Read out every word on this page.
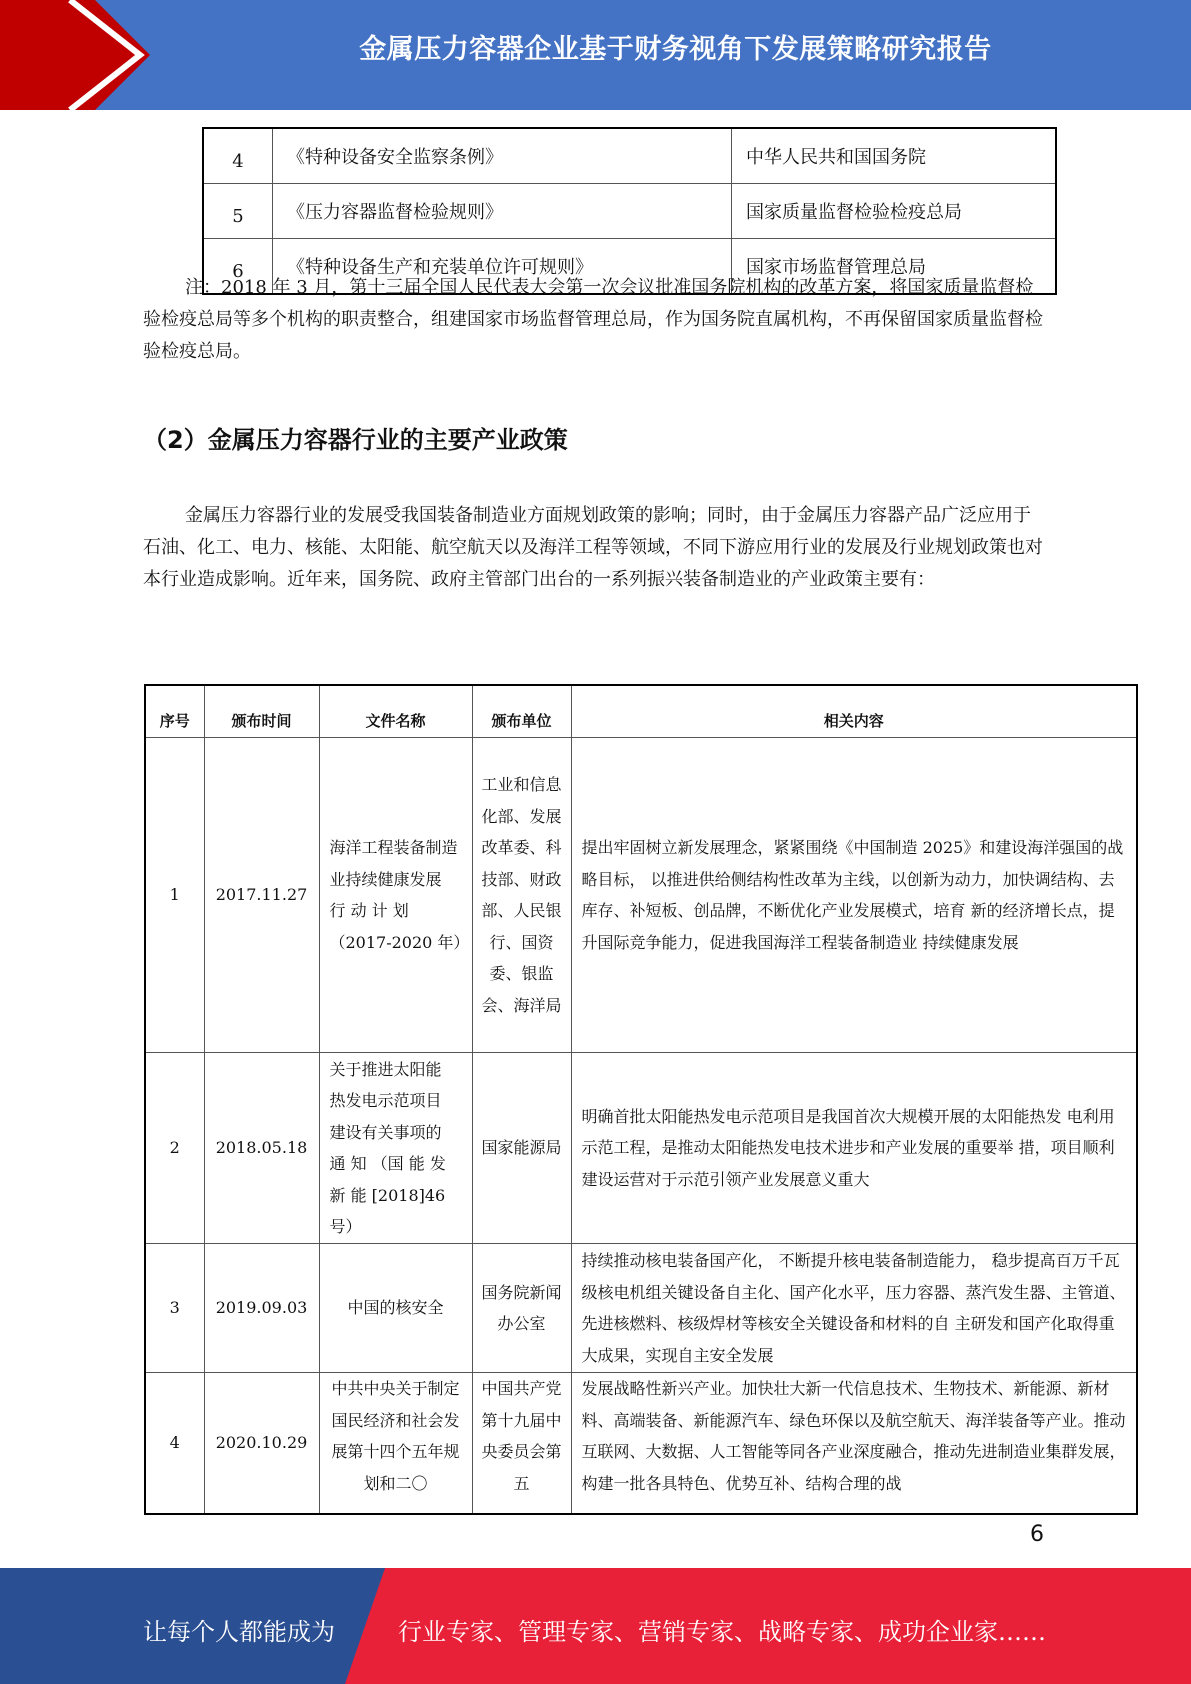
金属压力容器企业基于财务视角下发展策略研究报告
4	《特种设备安全监察条例》	中华人民共和国国务院
5	《压力容器监督检验规则》	国家质量监督检验检疫总局
6	《特种设备生产和充装单位许可规则》	国家市场监督管理总局
注：2018 年 3 月，第十三届全国人民代表大会第一次会议批准国务院机构的改革方案，将国家质量监督检验检疫总局等多个机构的职责整合，组建国家市场监督管理总局，作为国务院直属机构，不再保留国家质量监督检验检疫总局。
（2）金属压力容器行业的主要产业政策
金属压力容器行业的发展受我国装备制造业方面规划政策的影响；同时，由于金属压力容器产品广泛应用于石油、化工、电力、核能、太阳能、航空航天以及海洋工程等领域，不同下游应用行业的发展及行业规划政策也对本行业造成影响。近年来，国务院、政府主管部门出台的一系列振兴装备制造业的产业政策主要有：
序号	颁布时间	文件名称	颁布单位	相关内容
1	2017.11.27	海洋工程装备制造业持续健康发展 行 动 计 划 （2017-2020 年）	工业和信息化部、发展改革委、科技部、财政部、人民银行、国资委、银监会、海洋局	提出牢固树立新发展理念，紧紧围绕《中国制造 2025》和建设海洋强国的战略目标， 以推进供给侧结构性改革为主线，以创新为动力，加快调结构、去库存、补短板、创品牌，不断优化产业发展模式，培育 新的经济增长点，提升国际竞争能力，促进我国海洋工程装备制造业 持续健康发展
2	2018.05.18	关于推进太阳能 热发电示范项目 建设有关事项的 通 知 （国 能 发 新 能 [2018]46 号）	国家能源局	明确首批太阳能热发电示范项目是我国首次大规模开展的太阳能热发 电利用示范工程，是推动太阳能热发电技术进步和产业发展的重要举 措，项目顺利建设运营对于示范引领产业发展意义重大
3	2019.09.03	中国的核安全	国务院新闻办公室	持续推动核电装备国产化， 不断提升核电装备制造能力， 稳步提高百万千瓦级核电机组关键设备自主化、国产化水平，压力容器、蒸汽发生器、主管道、先进核燃料、核级焊材等核安全关键设备和材料的自 主研发和国产化取得重大成果，实现自主安全发展
4	2020.10.29	中共中央关于制定国民经济和社会发展第十四个五年规划和二〇	中国共产党第十九届中央委员会第五	发展战略性新兴产业。加快壮大新一代信息技术、生物技术、新能源、新材料、高端装备、新能源汽车、绿色环保以及航空航天、海洋装备等产业。推动互联网、大数据、人工智能等同各产业深度融合，推动先进制造业集群发展，构建一批各具特色、优势互补、结构合理的战
6
让每个人都能成为	行业专家、管理专家、营销专家、战略专家、成功企业家……
